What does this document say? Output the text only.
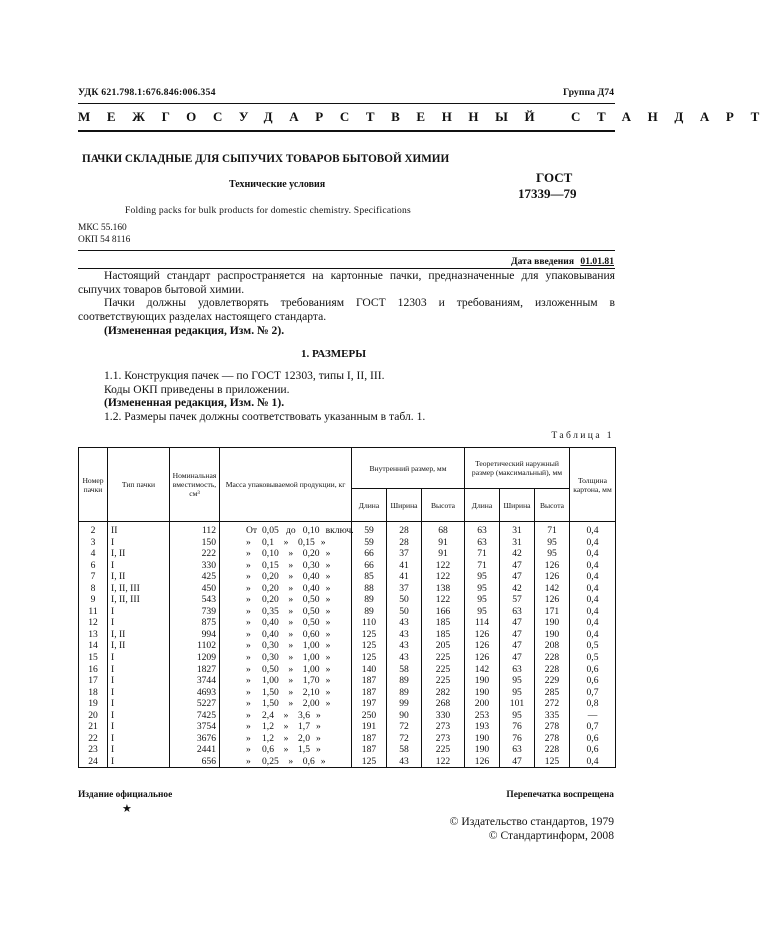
УДК 621.798.1:676.846:006.354	Группа Д74
МЕЖГОСУДАРСТВЕННЫЙ СТАНДАРТ
ПАЧКИ СКЛАДНЫЕ ДЛЯ СЫПУЧИХ ТОВАРОВ БЫТОВОЙ ХИМИИ
Технические условия	ГОСТ
17339—79
Folding packs for bulk products for domestic chemistry. Specifications
МКС 55.160
ОКП 54 8116
Дата введения 01.01.81

Настоящий стандарт распространяется на картонные пачки, предназначенные для упаковывания сыпучих товаров бытовой химии.

Пачки должны удовлетворять требованиям ГОСТ 12303 и требованиям, изложенным в соответствующих разделах настоящего стандарта.

(Измененная редакция, Изм. № 2).

1. РАЗМЕРЫ

1.1. Конструкция пачек — по ГОСТ 12303, типы I, II, III.

Коды ОКП приведены в приложении.

(Измененная редакция, Изм. № 1).

1.2. Размеры пачек должны соответствовать указанным в табл. 1.

Таблица 1
Номер пачки	Тип пачки	Номинальная вместимость, см³	Масса упаковываемой продукции, кг	Внутренний размер, мм			Теоретический наружный размер (максимальный), мм			Толщина картона, мм
				Длина	Ширина	Высота	Длина	Ширина	Высота	
2	II	112	От 0,05 до 0,10 включ.	59	28	68	63	31	71	0,4
3	I	150	» 0,1 » 0,15 »	59	28	91	63	31	95	0,4
4	I, II	222	» 0,10 » 0,20 »	66	37	91	71	42	95	0,4
6	I	330	» 0,15 » 0,30 »	66	41	122	71	47	126	0,4
7	I, II	425	» 0,20 » 0,40 »	85	41	122	95	47	126	0,4
8	I, II, III	450	» 0,20 » 0,40 »	88	37	138	95	42	142	0,4
9	I, II, III	543	» 0,20 » 0,50 »	89	50	122	95	57	126	0,4
11	I	739	» 0,35 » 0,50 »	89	50	166	95	63	171	0,4
12	I	875	» 0,40 » 0,50 »	110	43	185	114	47	190	0,4
13	I, II	994	» 0,40 » 0,60 »	125	43	185	126	47	190	0,4
14	I, II	1102	» 0,30 » 1,00 »	125	43	205	126	47	208	0,5
15	I	1209	» 0,30 » 1,00 »	125	43	225	126	47	228	0,5
16	I	1827	» 0,50 » 1,00 »	140	58	225	142	63	228	0,6
17	I	3744	» 1,00 » 1,70 »	187	89	225	190	95	229	0,6
18	I	4693	» 1,50 » 2,10 »	187	89	282	190	95	285	0,7
19	I	5227	» 1,50 » 2,00 »	197	99	268	200	101	272	0,8
20	I	7425	» 2,4 » 3,6 »	250	90	330	253	95	335	—
21	I	3754	» 1,2 » 1,7 »	191	72	273	193	76	278	0,7
22	I	3676	» 1,2 » 2,0 »	187	72	273	190	76	278	0,6
23	I	2441	» 0,6 » 1,5 »	187	58	225	190	63	228	0,6
24	I	656	» 0,25 » 0,6 »	125	43	122	126	47	125	0,4
Издание официальное
★
Перепечатка воспрещена
© Издательство стандартов, 1979
© Стандартинформ, 2008
